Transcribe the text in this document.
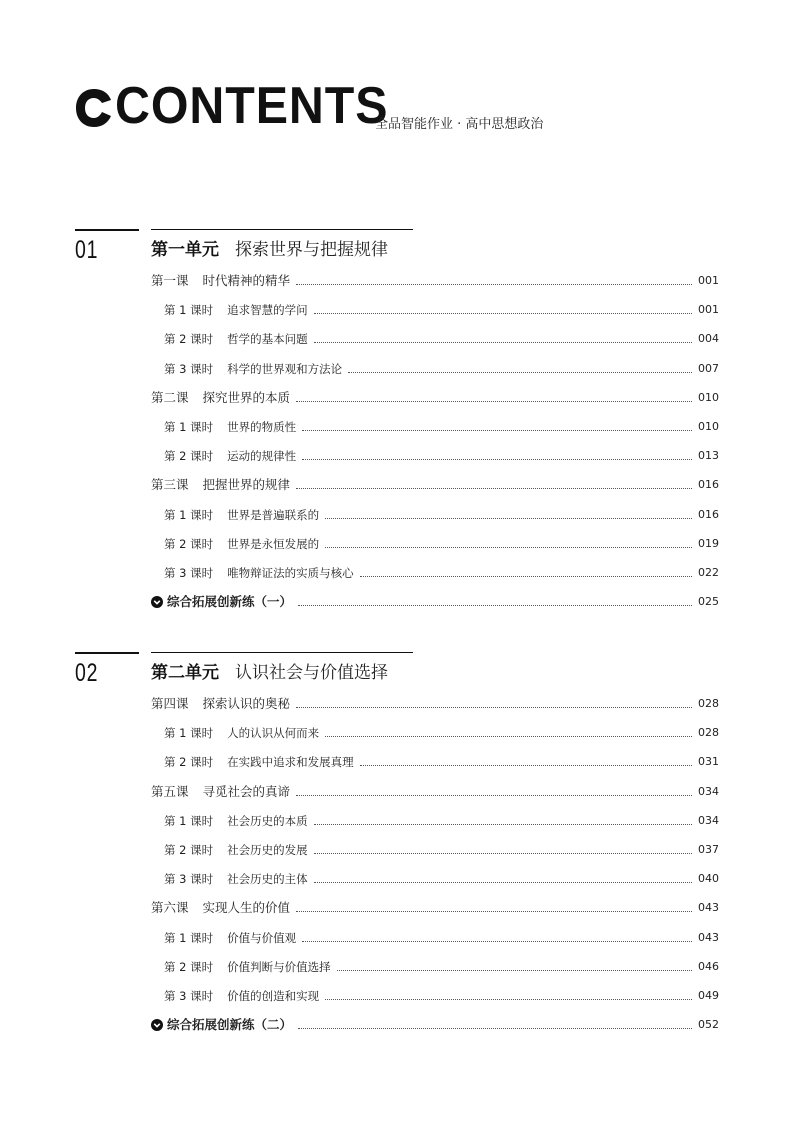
目录 CONTENTS
全品智能作业 · 高中思想政治
01	第一单元 探索世界与把握规律
第一课 时代精神的精华	001
第 1 课时 追求智慧的学问	001
第 2 课时 哲学的基本问题	004
第 3 课时 科学的世界观和方法论	007
第二课 探究世界的本质	010
第 1 课时 世界的物质性	010
第 2 课时 运动的规律性	013
第三课 把握世界的规律	016
第 1 课时 世界是普遍联系的	016
第 2 课时 世界是永恒发展的	019
第 3 课时 唯物辩证法的实质与核心	022
综合拓展创新练（一）	025
02	第二单元 认识社会与价值选择
第四课 探索认识的奥秘	028
第 1 课时 人的认识从何而来	028
第 2 课时 在实践中追求和发展真理	031
第五课 寻觅社会的真谛	034
第 1 课时 社会历史的本质	034
第 2 课时 社会历史的发展	037
第 3 课时 社会历史的主体	040
第六课 实现人生的价值	043
第 1 课时 价值与价值观	043
第 2 课时 价值判断与价值选择	046
第 3 课时 价值的创造和实现	049
综合拓展创新练（二）	052
